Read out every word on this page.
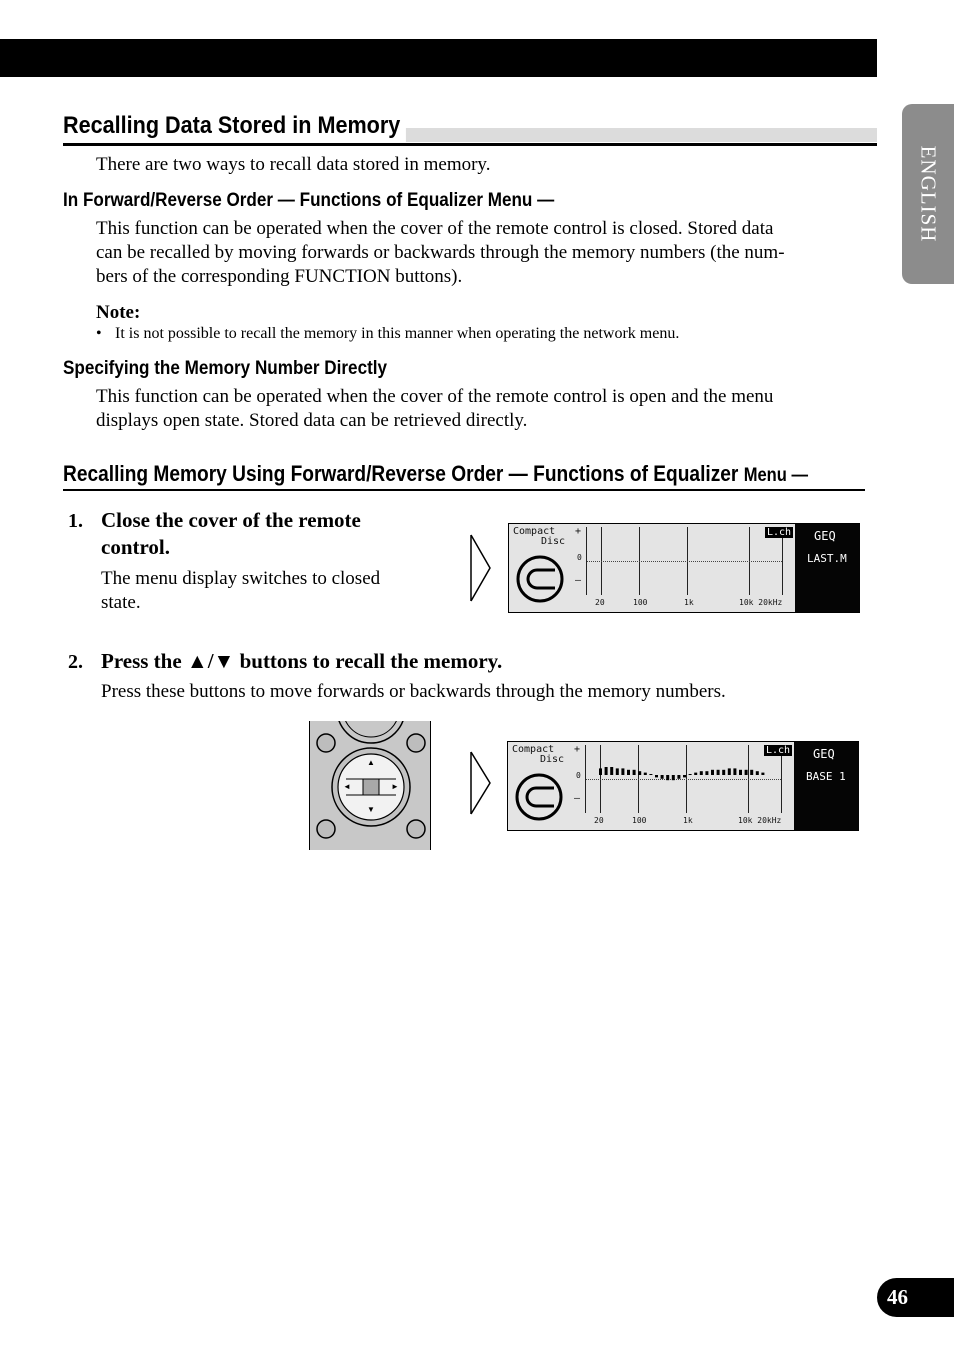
ENGLISH
Recalling Data Stored in Memory
There are two ways to recall data stored in memory.
In Forward/Reverse Order — Functions of Equalizer Menu —
This function can be operated when the cover of the remote control is closed. Stored data
can be recalled by moving forwards or backwards through the memory numbers (the num-
bers of the corresponding FUNCTION buttons).
Note:
• It is not possible to recall the memory in this manner when operating the network menu.
Specifying the Memory Number Directly
This function can be operated when the cover of the remote control is open and the menu
displays open state. Stored data can be retrieved directly.
Recalling Memory Using Forward/Reverse Order — Functions of Equalizer Menu —
1. Close the cover of the remote
control.
The menu display switches to closed
state.
Compact
Disc
+
0
–
L.ch
20	100	1k	10k 20kHz
GEQ
LAST.M
2. Press the ▲/▼ buttons to recall the memory.
Press these buttons to move forwards or backwards through the memory numbers.
▲
▼
◄	►
Compact
Disc
+
0
–
L.ch
20	100	1k	10k 20kHz
GEQ
BASE 1
46
